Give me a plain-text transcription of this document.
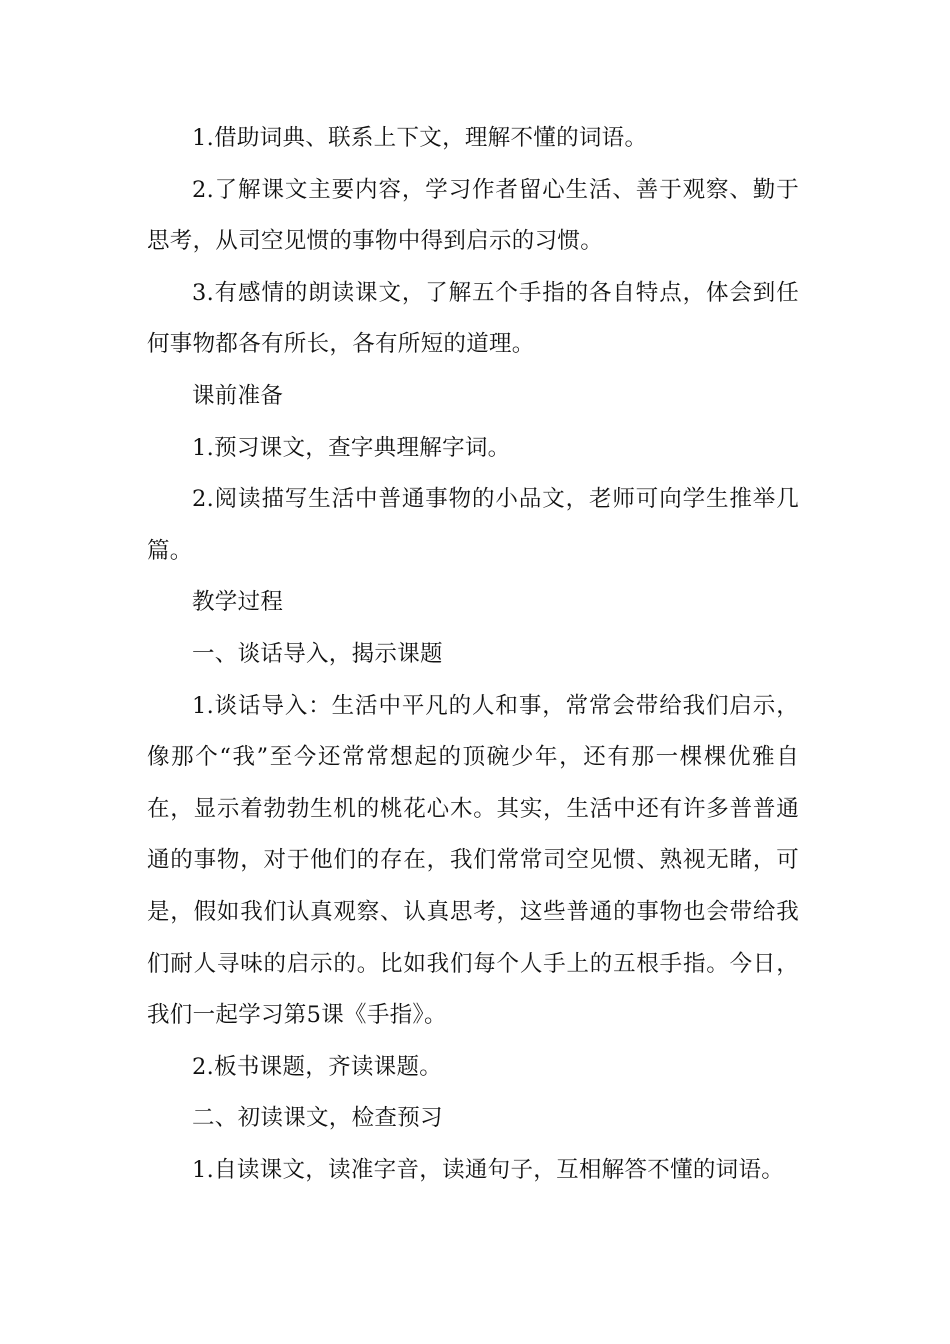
1.借助词典、联系上下文，理解不懂的词语。

2.了解课文主要内容，学习作者留心生活、善于观察、勤于思考，从司空见惯的事物中得到启示的习惯。

3.有感情的朗读课文，了解五个手指的各自特点，体会到任何事物都各有所长，各有所短的道理。

课前准备

1.预习课文，查字典理解字词。

2.阅读描写生活中普通事物的小品文，老师可向学生推举几篇。

教学过程

一、谈话导入，揭示课题

1.谈话导入：生活中平凡的人和事，常常会带给我们启示，像那个“我”至今还常常想起的顶碗少年，还有那一棵棵优雅自在，显示着勃勃生机的桃花心木。其实，生活中还有许多普普通通的事物，对于他们的存在，我们常常司空见惯、熟视无睹，可是，假如我们认真观察、认真思考，这些普通的事物也会带给我们耐人寻味的启示的。比如我们每个人手上的五根手指。今日，我们一起学习第5课《手指》。

2.板书课题，齐读课题。

二、初读课文，检查预习

1.自读课文，读准字音，读通句子，互相解答不懂的词语。
